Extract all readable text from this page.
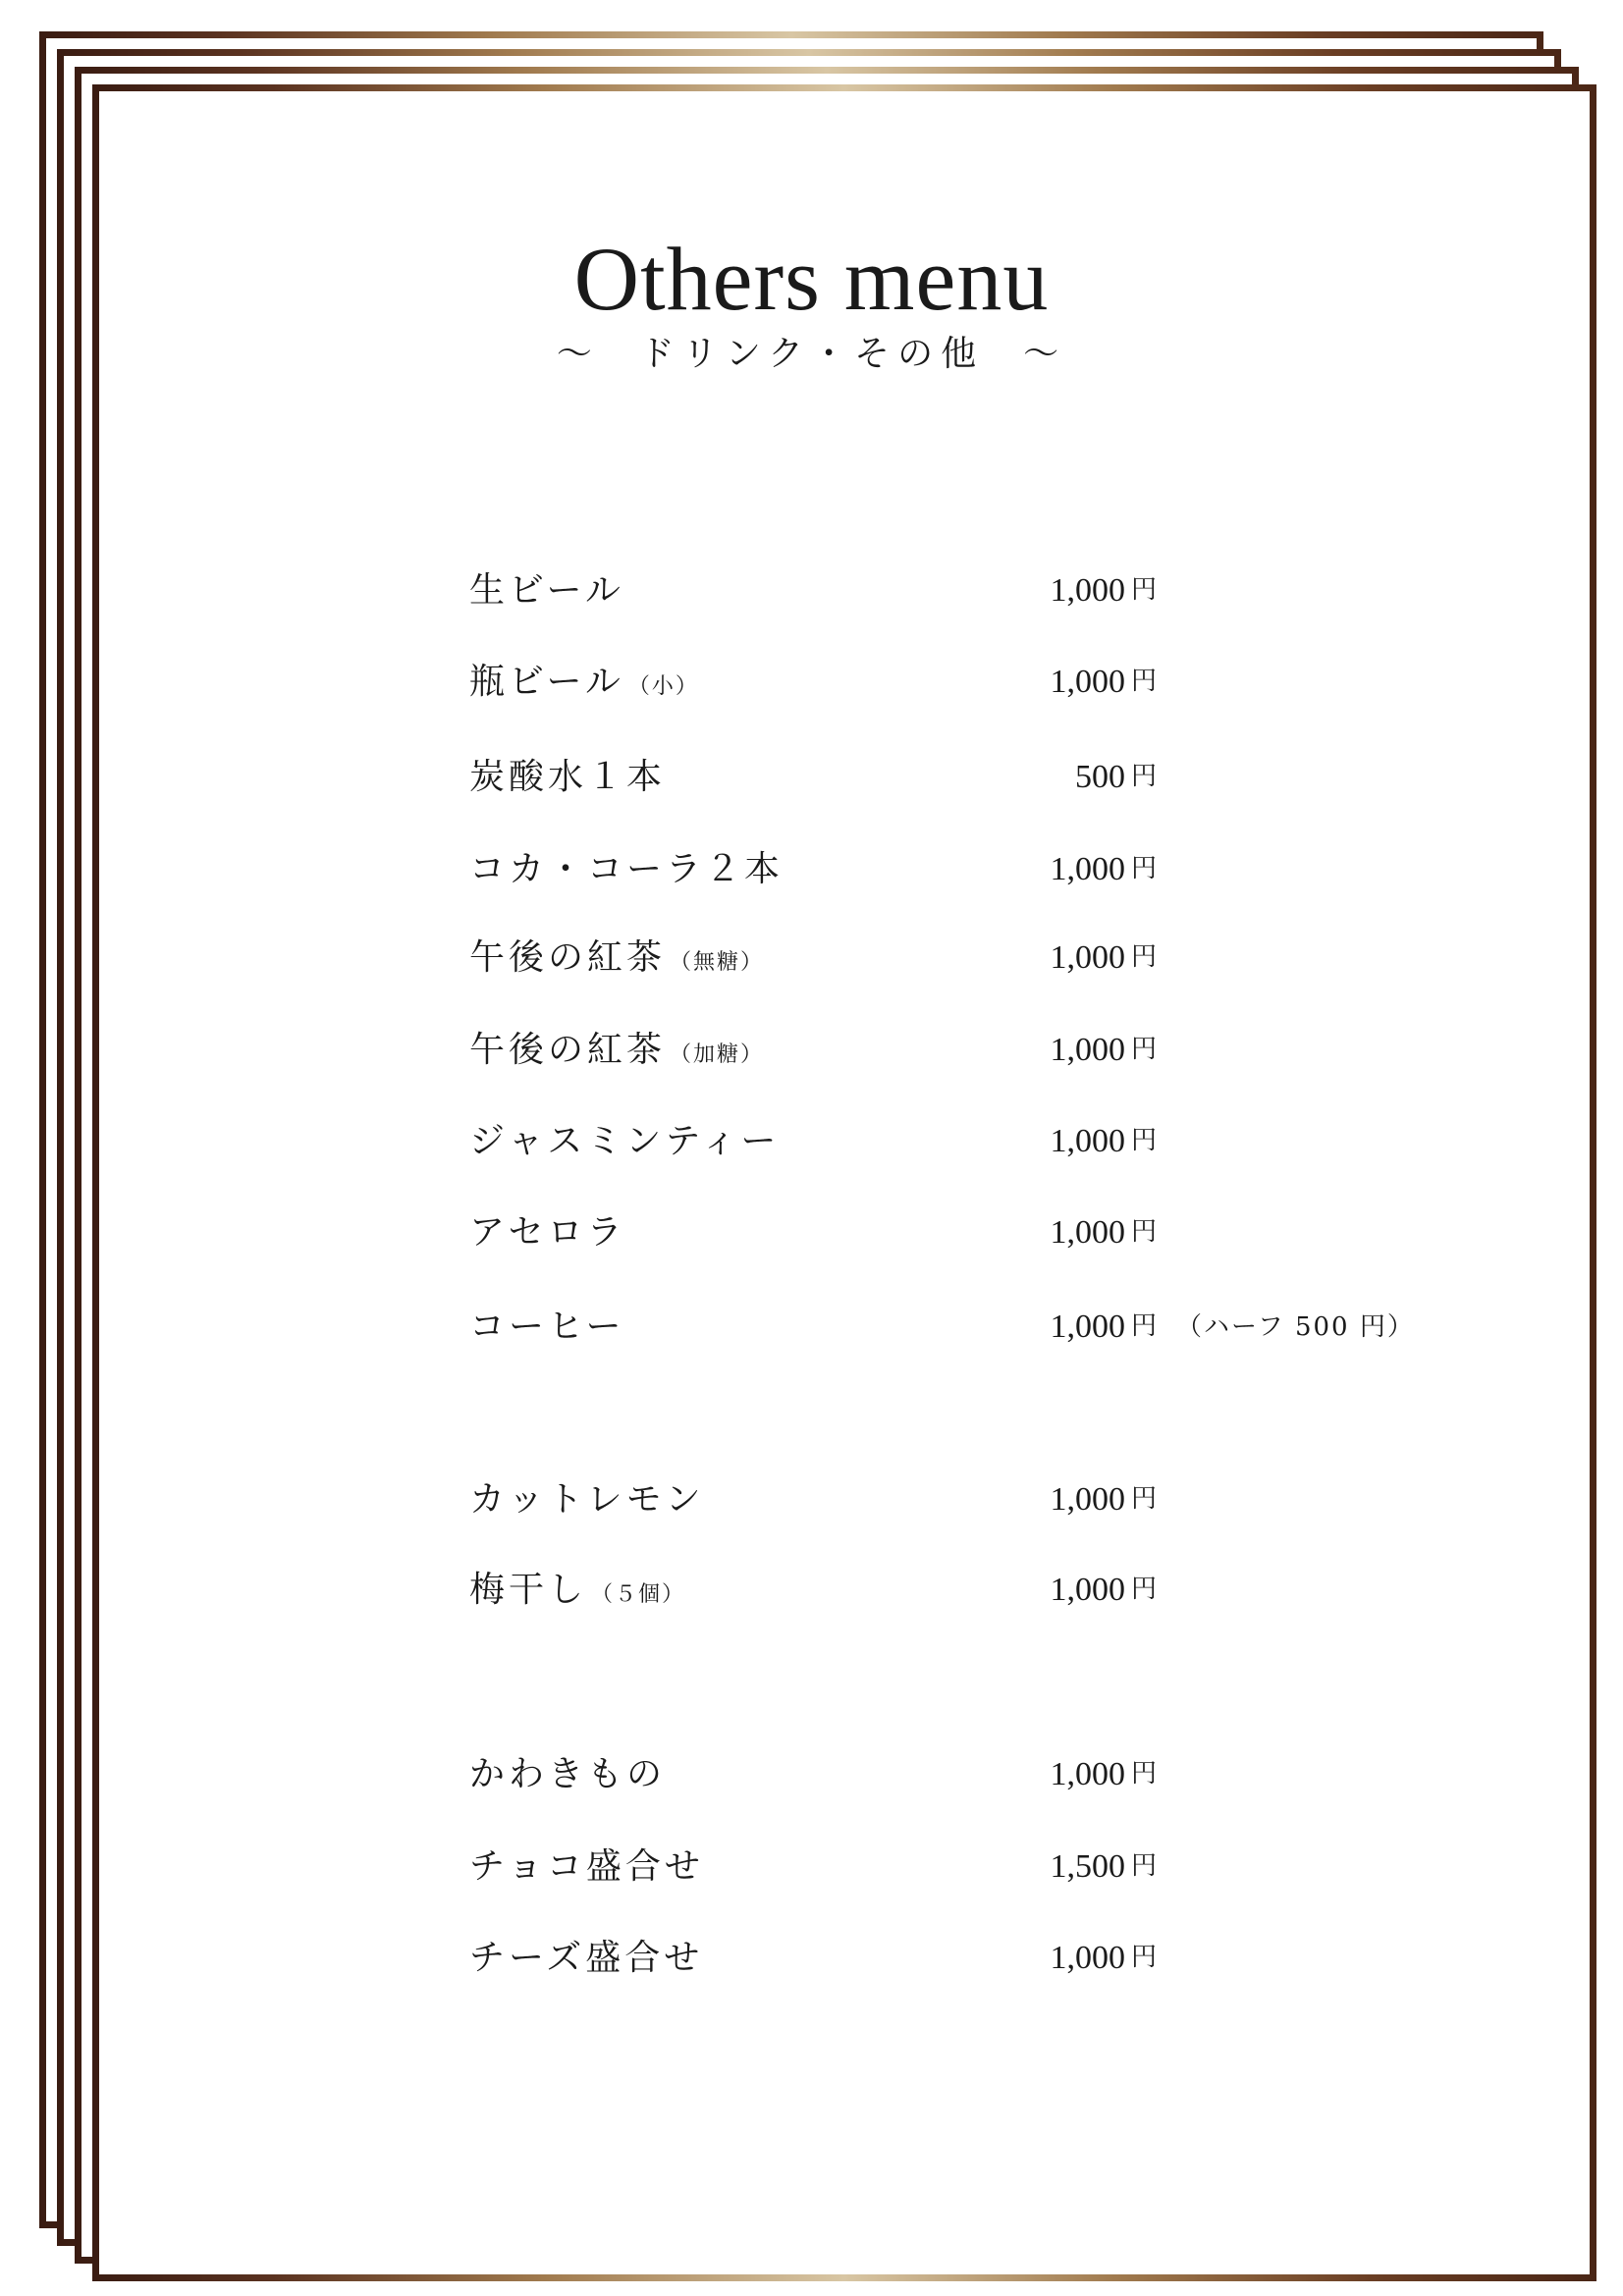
Others menu
〜 ドリンク・その他 〜
生ビール	1,000 円
瓶ビール （小）	1,000 円
炭酸水１本	500 円
コカ・コーラ２本	1,000 円
午後の紅茶 （無糖）	1,000 円
午後の紅茶 （加糖）	1,000 円
ジャスミンティー	1,000 円
アセロラ	1,000 円
コーヒー	1,000 円 （ハーフ 500 円）
カットレモン	1,000 円
梅干し （５個）	1,000 円
かわきもの	1,000 円
チョコ盛合せ	1,500 円
チーズ盛合せ	1,000 円
